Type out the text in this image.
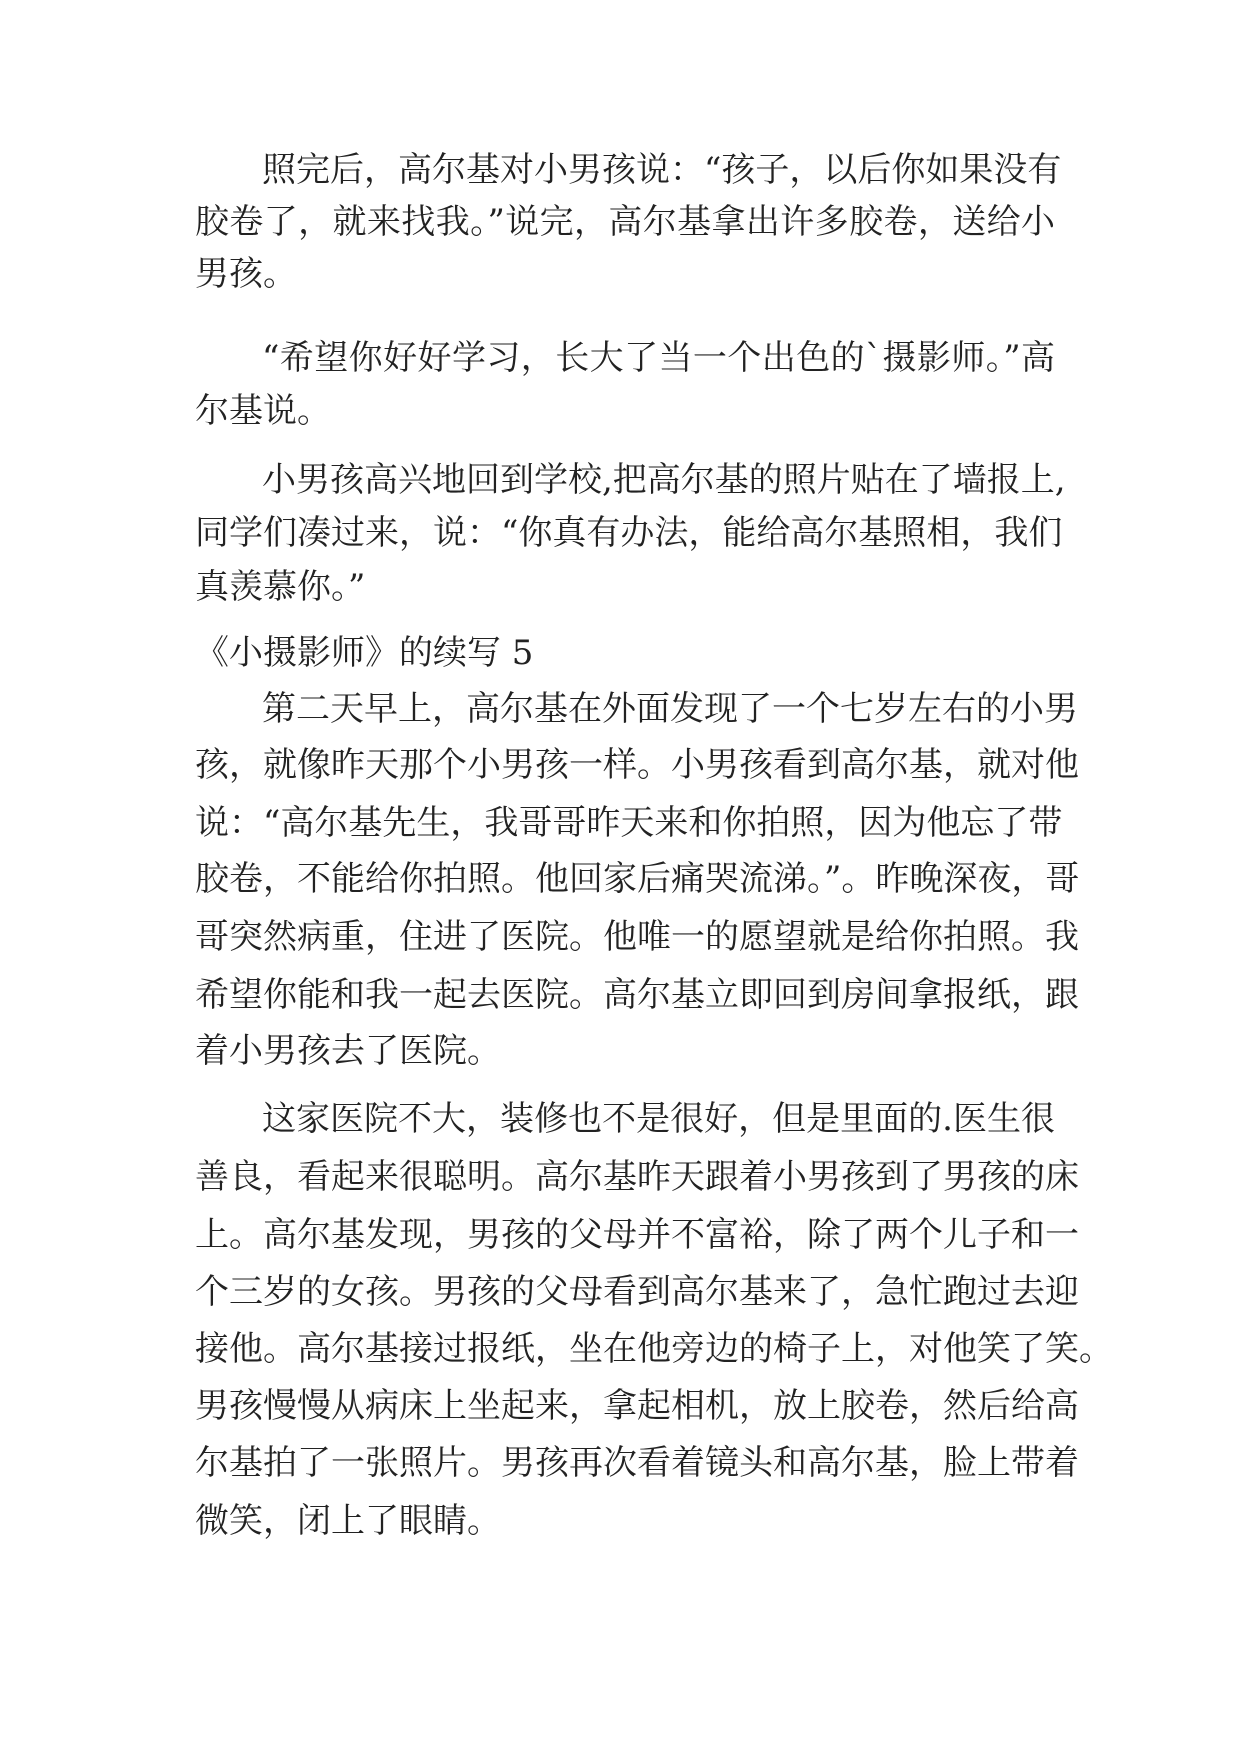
照完后，高尔基对小男孩说：“孩子，以后你如果没有
胶卷了，就来找我。”说完，高尔基拿出许多胶卷，送给小
男孩。
“希望你好好学习，长大了当一个出色的`摄影师。”高
尔基说。
小男孩高兴地回到学校,把高尔基的照片贴在了墙报上,
同学们凑过来，说：“你真有办法，能给高尔基照相，我们
真羡慕你。”
《小摄影师》的续写 5
第二天早上，高尔基在外面发现了一个七岁左右的小男
孩，就像昨天那个小男孩一样。小男孩看到高尔基，就对他
说：“高尔基先生，我哥哥昨天来和你拍照，因为他忘了带
胶卷，不能给你拍照。他回家后痛哭流涕。”。昨晚深夜，哥
哥突然病重，住进了医院。他唯一的愿望就是给你拍照。我
希望你能和我一起去医院。高尔基立即回到房间拿报纸，跟
着小男孩去了医院。
这家医院不大，装修也不是很好，但是里面的.医生很
善良，看起来很聪明。高尔基昨天跟着小男孩到了男孩的床
上。高尔基发现，男孩的父母并不富裕，除了两个儿子和一
个三岁的女孩。男孩的父母看到高尔基来了，急忙跑过去迎
接他。高尔基接过报纸，坐在他旁边的椅子上，对他笑了笑。
男孩慢慢从病床上坐起来，拿起相机，放上胶卷，然后给高
尔基拍了一张照片。男孩再次看着镜头和高尔基，脸上带着
微笑，闭上了眼睛。
